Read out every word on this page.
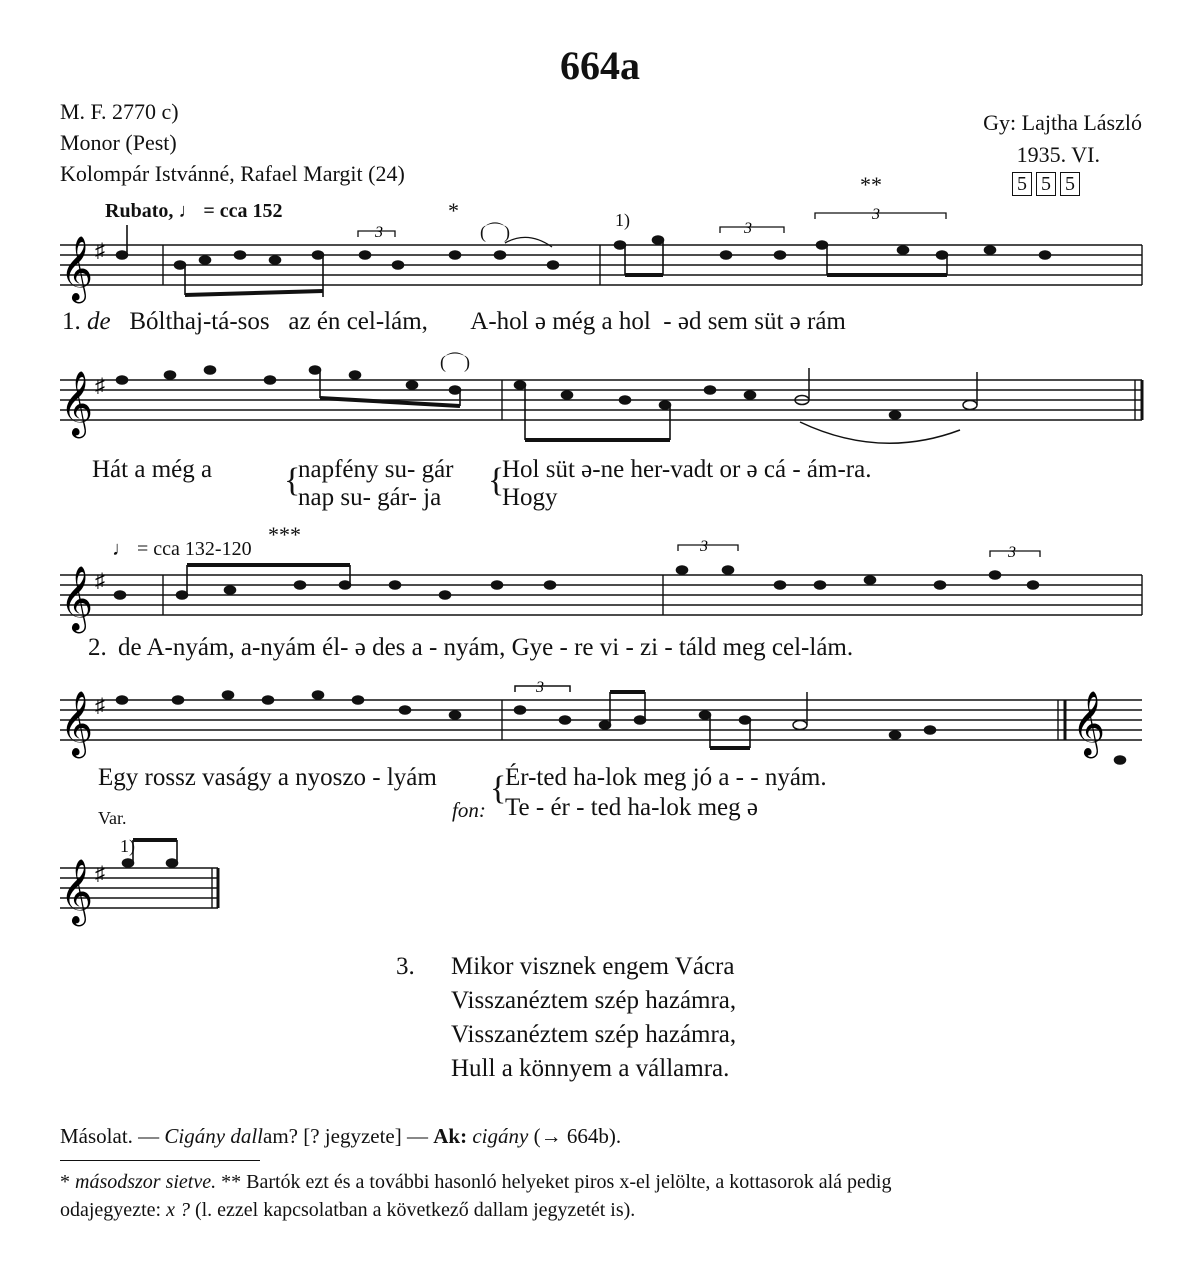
664a
M. F. 2770 c)
Monor (Pest)
Kolompár Istvánné, Rafael Margit (24)
Gy: Lajtha László
1935. VI.
5 5 5
Rubato, ♩ = cca 152	*
(⌒)
1)
**
𝄞 ♯
3	3
3
1. de Bólthaj-tá-sos az én cel-lám, A-hol ə még a hol - əd sem süt ə rám
(⌒)
𝄞 ♯
Hát a még a {
napfény su- gár
nap su- gár- ja {
Hol süt ə-ne her-vadt or ə cá - ám-ra.
Hogy
♩ = cca 132-120
***
𝄞 ♯
3	3
2. de A-nyám, a-nyám él- ə des a - nyám, Gye - re vi - zi - táld meg cel-lám.
𝄞 ♯	𝄞
3
Egy rossz vaságy a nyoszo - lyám {
Ér-ted ha-lok meg jó a - - nyám.
fon: Te - ér - ted ha-lok meg ə
Var.
1)
𝄞 ♯
3. Mikor visznek engem Vácra
Visszanéztem szép hazámra,
Visszanéztem szép hazámra,
Hull a könnyem a vállamra.
Másolat. — Cigány dallam? [? jegyzete] — Ak: cigány (→ 664b).
* másodszor sietve. ** Bartók ezt és a további hasonló helyeket piros x-el jelölte, a kottasorok alá pedig
odajegyezte: x ? (l. ezzel kapcsolatban a következő dallam jegyzetét is).
